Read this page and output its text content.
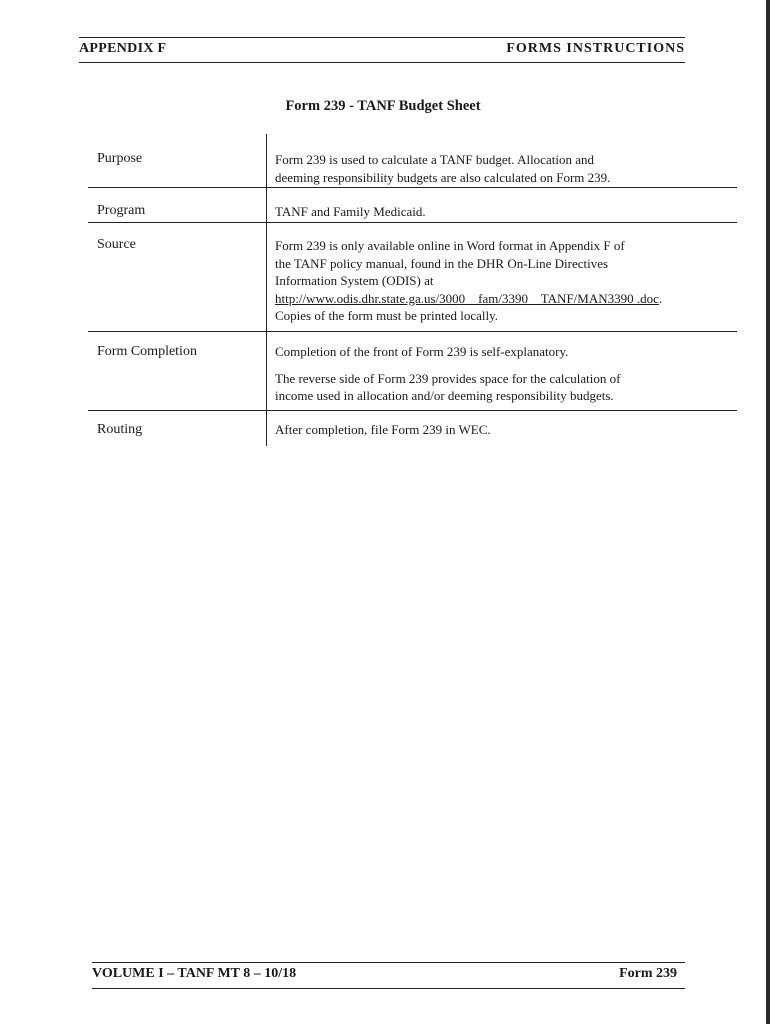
APPENDIX F	FORMS INSTRUCTIONS
Form 239 - TANF Budget Sheet
Purpose	Form 239 is used to calculate a TANF budget. Allocation and

deeming responsibility budgets are also calculated on Form 239.

Program	TANF and Family Medicaid.

Source	Form 239 is only available online in Word format in Appendix F of

the TANF policy manual, found in the DHR On-Line Directives

Information System (ODIS) at

http://www.odis.dhr.state.ga.us/3000    fam/3390    TANF/MAN3390 .doc.

Copies of the form must be printed locally.

Form Completion	Completion of the front of Form 239 is self-explanatory.

The reverse side of Form 239 provides space for the calculation of

income used in allocation and/or deeming responsibility budgets.

Routing	After completion, file Form 239 in WEC.

VOLUME I – TANF MT 8 – 10/18	Form 239
